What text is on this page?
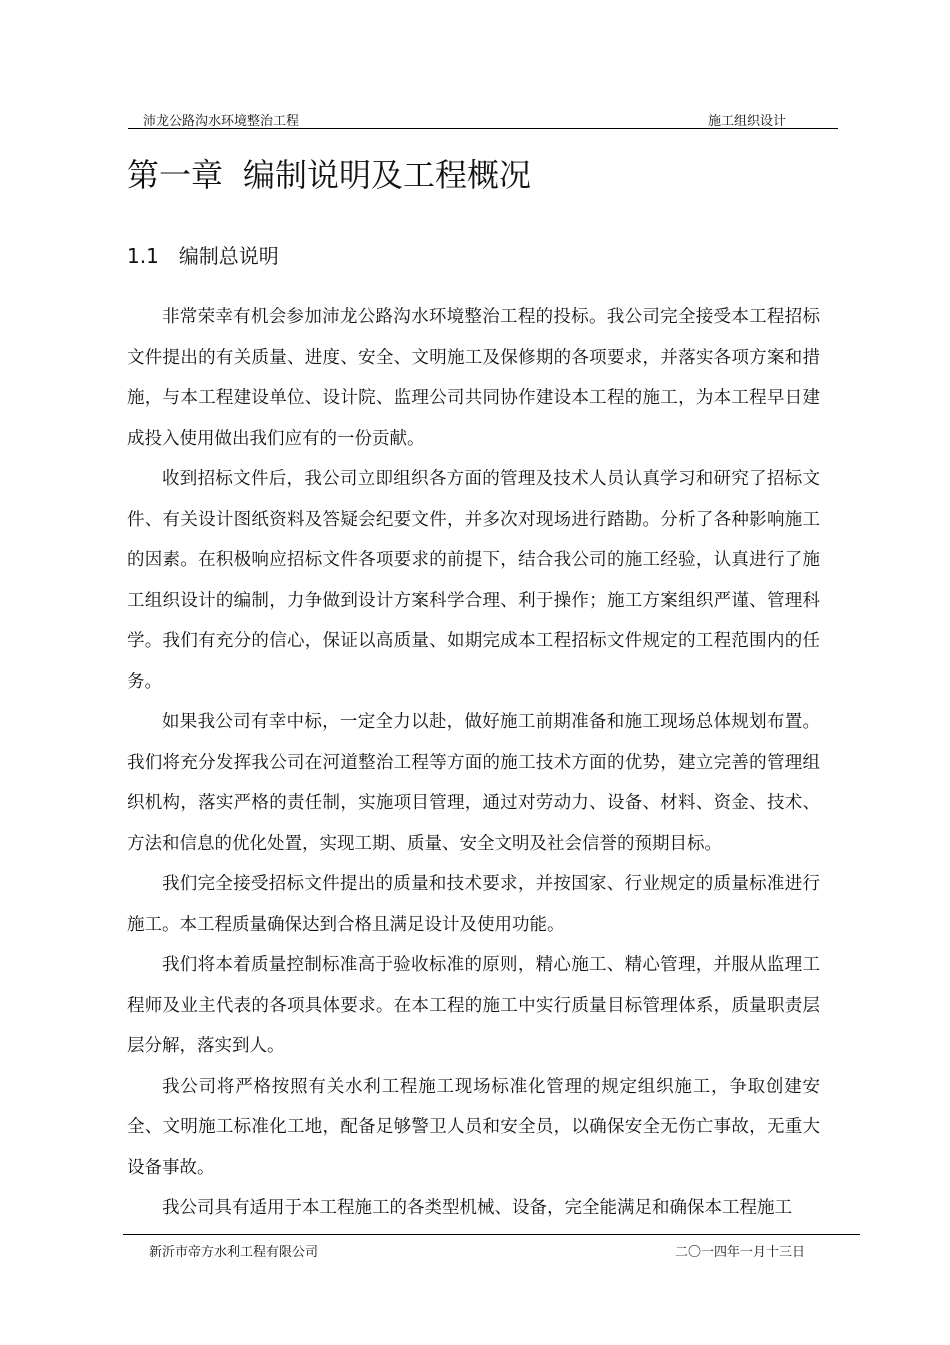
沛龙公路沟水环境整治工程	施工组织设计
第一章 编制说明及工程概况
1.1 编制总说明

非常荣幸有机会参加沛龙公路沟水环境整治工程的投标。我公司完全接受本工程招标文件提出的有关质量、进度、安全、文明施工及保修期的各项要求，并落实各项方案和措施，与本工程建设单位、设计院、监理公司共同协作建设本工程的施工，为本工程早日建成投入使用做出我们应有的一份贡献。

收到招标文件后，我公司立即组织各方面的管理及技术人员认真学习和研究了招标文件、有关设计图纸资料及答疑会纪要文件，并多次对现场进行踏勘。分析了各种影响施工的因素。在积极响应招标文件各项要求的前提下，结合我公司的施工经验，认真进行了施工组织设计的编制，力争做到设计方案科学合理、利于操作；施工方案组织严谨、管理科学。我们有充分的信心，保证以高质量、如期完成本工程招标文件规定的工程范围内的任务。

如果我公司有幸中标，一定全力以赴，做好施工前期准备和施工现场总体规划布置。我们将充分发挥我公司在河道整治工程等方面的施工技术方面的优势，建立完善的管理组织机构，落实严格的责任制，实施项目管理，通过对劳动力、设备、材料、资金、技术、方法和信息的优化处置，实现工期、质量、安全文明及社会信誉的预期目标。

我们完全接受招标文件提出的质量和技术要求，并按国家、行业规定的质量标准进行施工。本工程质量确保达到合格且满足设计及使用功能。

我们将本着质量控制标准高于验收标准的原则，精心施工、精心管理，并服从监理工程师及业主代表的各项具体要求。在本工程的施工中实行质量目标管理体系，质量职责层层分解，落实到人。

我公司将严格按照有关水利工程施工现场标准化管理的规定组织施工，争取创建安全、文明施工标准化工地，配备足够警卫人员和安全员，以确保安全无伤亡事故，无重大设备事故。

我公司具有适用于本工程施工的各类型机械、设备，完全能满足和确保本工程施工

新沂市帝方水利工程有限公司	二〇一四年一月十三日
